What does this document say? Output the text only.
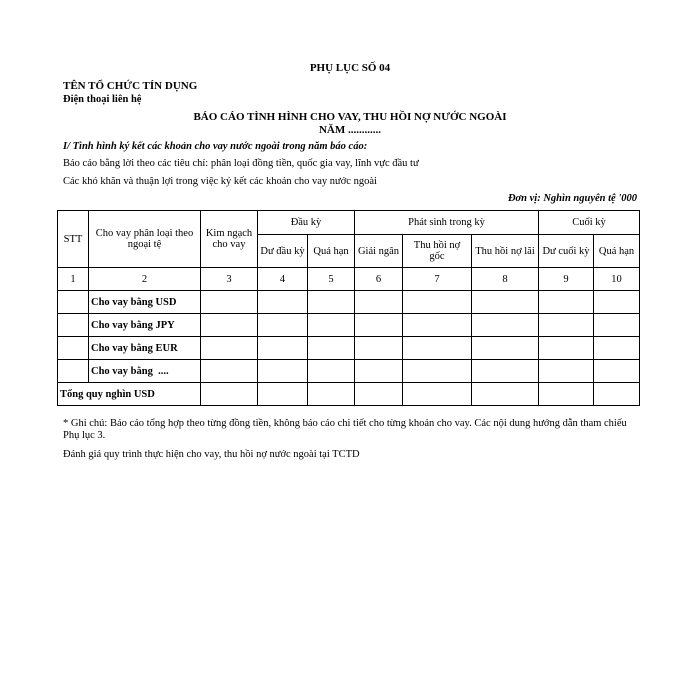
PHỤ LỤC SỐ 04
TÊN TỔ CHỨC TÍN DỤNG
Điện thoại liên hệ
BÁO CÁO TÌNH HÌNH CHO VAY, THU HỒI NỢ NƯỚC NGOÀI
NĂM ............
I/ Tình hình ký kết các khoản cho vay nước ngoài trong năm báo cáo:
Báo cáo bằng lời theo các tiêu chí: phân loại đồng tiền, quốc gia vay, lĩnh vực đầu tư
Các khó khăn và thuận lợi trong việc ký kết các khoản cho vay nước ngoài
Đơn vị: Nghìn nguyên tệ '000
STT	Cho vay phân loại theo ngoại tệ	Kim ngạch cho vay	Đầu kỳ		Phát sinh trong kỳ			Cuối kỳ	
			Dư đầu kỳ	Quá hạn	Giải ngân	Thu hồi nợ gốc	Thu hồi nợ lãi	Dư cuối kỳ	Quá hạn
1	2	3	4	5	6	7	8	9	10
	Cho vay bằng USD								
	Cho vay bằng JPY								
	Cho vay bằng EUR								
	Cho vay bằng  ....								
Tổng quy nghìn USD									
* Ghi chú: Báo cáo tổng hợp theo từng đồng tiền, không báo cáo chi tiết cho từng khoản cho vay. Các nội dung hướng dẫn tham chiếu Phụ lục 3.
Đánh giá quy trình thực hiện cho vay, thu hồi nợ nước ngoài tại TCTD
